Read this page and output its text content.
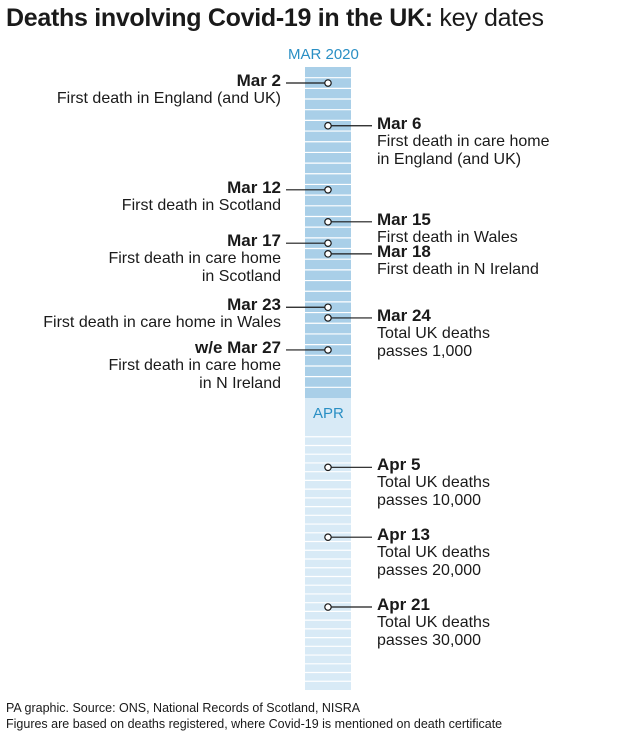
Deaths involving Covid-19 in the UK: key dates
MAR 2020
APR
Mar 2
First death in England (and UK)
Mar 6
First death in care home
in England (and UK)
Mar 12
First death in Scotland
Mar 15
First death in Wales
Mar 17
First death in care home
in Scotland
Mar 18
First death in N Ireland
Mar 23
First death in care home in Wales	Mar 24
Total UK deaths
passes 1,000
w/e Mar 27
First death in care home
in N Ireland
Apr 5
Total UK deaths
passes 10,000
Apr 13
Total UK deaths
passes 20,000
Apr 21
Total UK deaths
passes 30,000
PA graphic. Source: ONS, National Records of Scotland, NISRA
Figures are based on deaths registered, where Covid-19 is mentioned on death certificate
